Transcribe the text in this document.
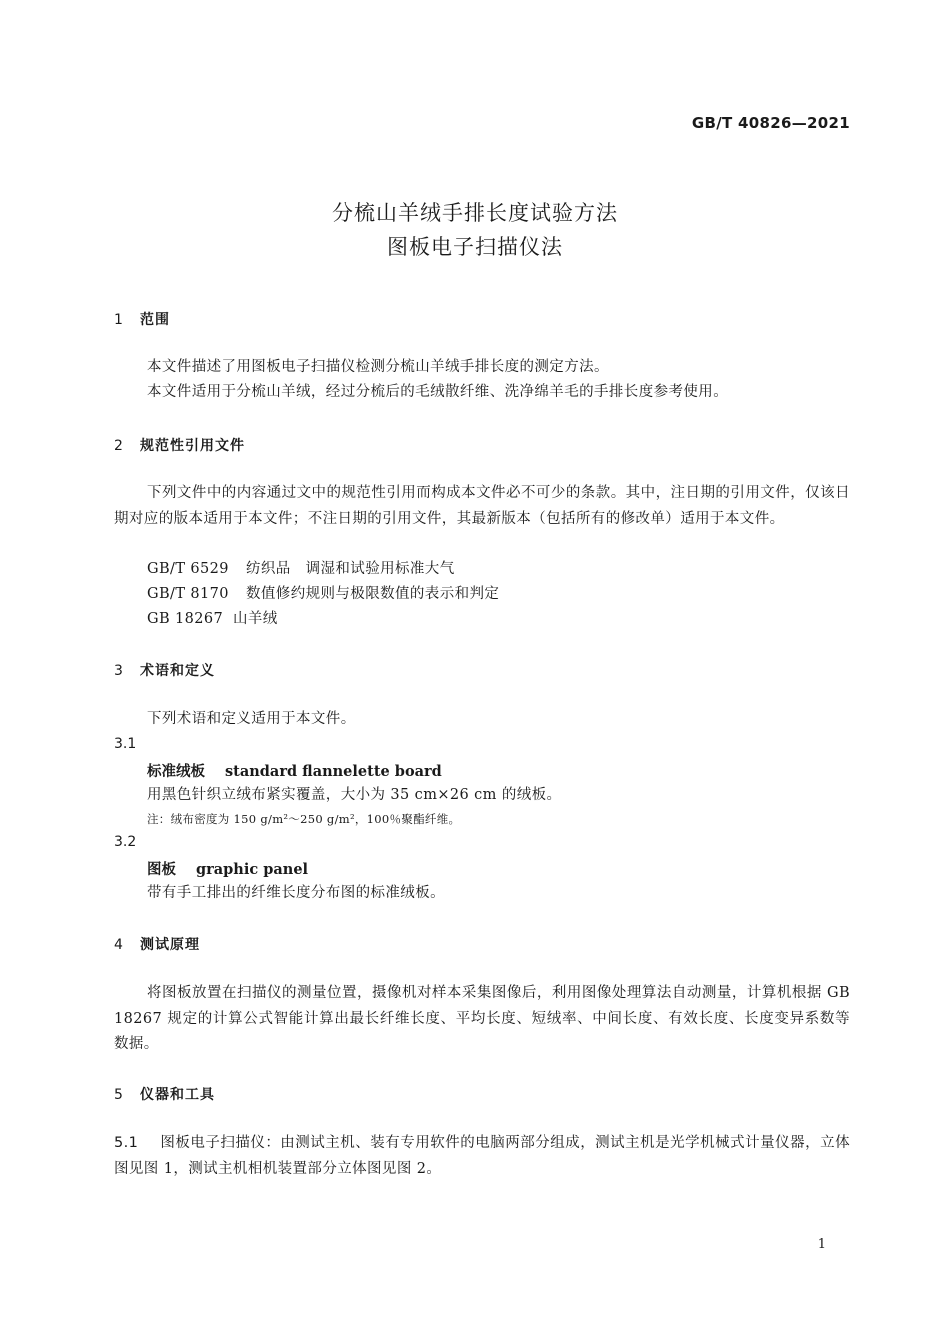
GB/T 40826—2021
分梳山羊绒手排长度试验方法
图板电子扫描仪法
1 范围
本文件描述了用图板电子扫描仪检测分梳山羊绒手排长度的测定方法。
本文件适用于分梳山羊绒，经过分梳后的毛绒散纤维、洗净绵羊毛的手排长度参考使用。
2 规范性引用文件
下列文件中的内容通过文中的规范性引用而构成本文件必不可少的条款。其中，注日期的引用文件，仅该日期对应的版本适用于本文件；不注日期的引用文件，其最新版本（包括所有的修改单）适用于本文件。
GB/T 6529 纺织品　调湿和试验用标准大气
GB/T 8170 数值修约规则与极限数值的表示和判定
GB 18267 山羊绒
3 术语和定义
下列术语和定义适用于本文件。
3.1
标准绒板 standard flannelette board
用黑色针织立绒布紧实覆盖，大小为 35 cm×26 cm 的绒板。
注：绒布密度为 150 g/m²～250 g/m²，100％聚酯纤维。
3.2
图板 graphic panel
带有手工排出的纤维长度分布图的标准绒板。
4 测试原理
将图板放置在扫描仪的测量位置，摄像机对样本采集图像后，利用图像处理算法自动测量，计算机根据 GB 18267 规定的计算公式智能计算出最长纤维长度、平均长度、短绒率、中间长度、有效长度、长度变异系数等数据。
5 仪器和工具
5.1 图板电子扫描仪：由测试主机、装有专用软件的电脑两部分组成，测试主机是光学机械式计量仪器，立体图见图 1，测试主机相机装置部分立体图见图 2。
1
